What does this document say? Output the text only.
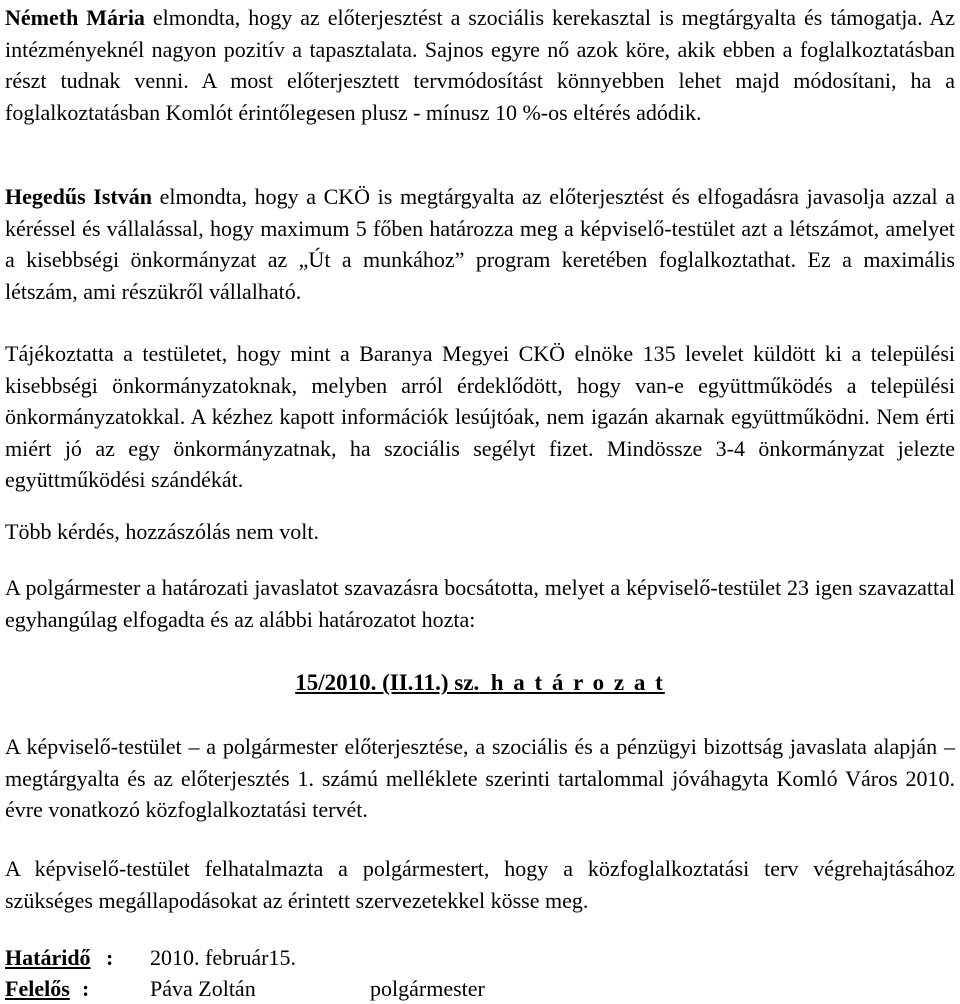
Németh Mária elmondta, hogy az előterjesztést a szociális kerekasztal is megtárgyalta és támogatja. Az intézményeknél nagyon pozitív a tapasztalata. Sajnos egyre nő azok köre, akik ebben a foglalkoztatásban részt tudnak venni. A most előterjesztett tervmódosítást könnyebben lehet majd módosítani, ha a foglalkoztatásban Komlót érintőlegesen plusz - mínusz 10 %-os eltérés adódik.

Hegedűs István elmondta, hogy a CKÖ is megtárgyalta az előterjesztést és elfogadásra javasolja azzal a kéréssel és vállalással, hogy maximum 5 főben határozza meg a képviselő-testület azt a létszámot, amelyet a kisebbségi önkormányzat az „Út a munkához” program keretében foglalkoztathat. Ez a maximális létszám, ami részükről vállalható.

Tájékoztatta a testületet, hogy mint a Baranya Megyei CKÖ elnöke 135 levelet küldött ki a települési kisebbségi önkormányzatoknak, melyben arról érdeklődött, hogy van-e együttműködés a települési önkormányzatokkal. A kézhez kapott információk lesújtóak, nem igazán akarnak együttműködni. Nem érti miért jó az egy önkormányzatnak, ha szociális segélyt fizet. Mindössze 3-4 önkormányzat jelezte együttműködési szándékát.

Több kérdés, hozzászólás nem volt.

A polgármester a határozati javaslatot szavazásra bocsátotta, melyet a képviselő-testület 23 igen szavazattal egyhangúlag elfogadta és az alábbi határozatot hozta:

15/2010. (II.11.) sz. h a t á r o z a t

A képviselő-testület – a polgármester előterjesztése, a szociális és a pénzügyi bizottság javaslata alapján – megtárgyalta és az előterjesztés 1. számú melléklete szerinti tartalommal jóváhagyta Komló Város 2010. évre vonatkozó közfoglalkoztatási tervét.

A képviselő-testület felhatalmazta a polgármestert, hogy a közfoglalkoztatási terv végrehajtásához szükséges megállapodásokat az érintett szervezetekkel kösse meg.

Határidő : 2010. február15.
Felelős :	Páva Zoltán	polgármester
